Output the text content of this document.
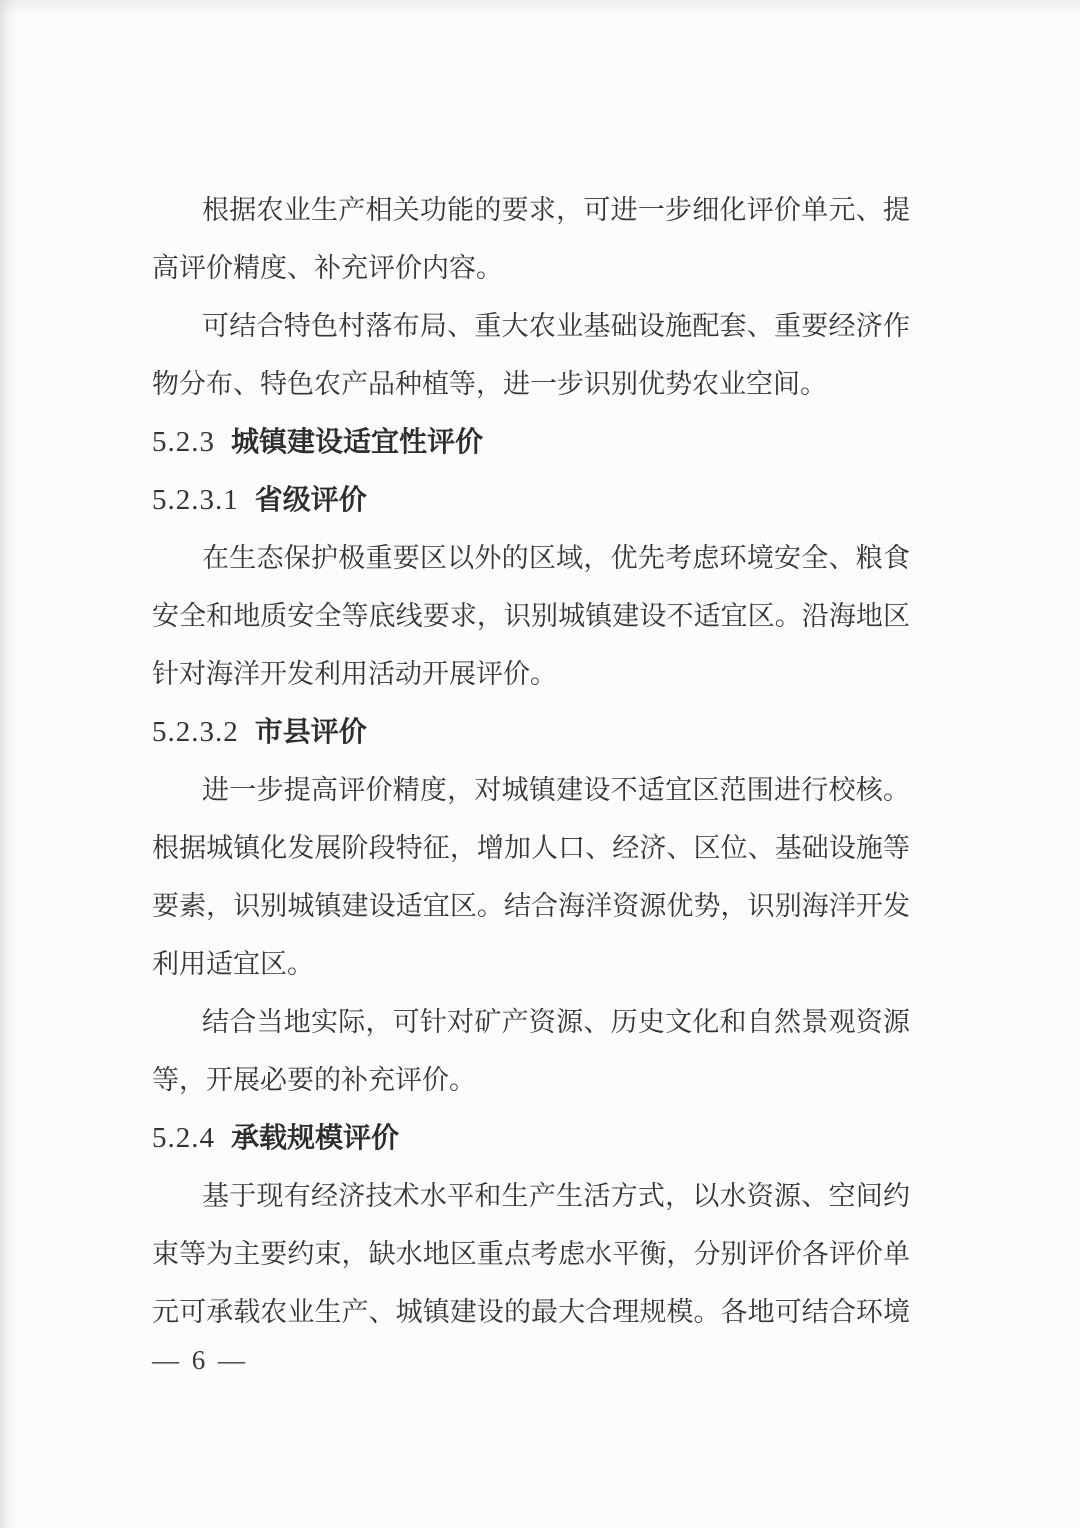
根据农业生产相关功能的要求，可进一步细化评价单元、提
高评价精度、补充评价内容。
可结合特色村落布局、重大农业基础设施配套、重要经济作
物分布、特色农产品种植等，进一步识别优势农业空间。
5.2.3 城镇建设适宜性评价
5.2.3.1 省级评价
在生态保护极重要区以外的区域，优先考虑环境安全、粮食
安全和地质安全等底线要求，识别城镇建设不适宜区。沿海地区
针对海洋开发利用活动开展评价。
5.2.3.2 市县评价
进一步提高评价精度，对城镇建设不适宜区范围进行校核。
根据城镇化发展阶段特征，增加人口、经济、区位、基础设施等
要素，识别城镇建设适宜区。结合海洋资源优势，识别海洋开发
利用适宜区。
结合当地实际，可针对矿产资源、历史文化和自然景观资源
等，开展必要的补充评价。
5.2.4 承载规模评价
基于现有经济技术水平和生产生活方式，以水资源、空间约
束等为主要约束，缺水地区重点考虑水平衡，分别评价各评价单
元可承载农业生产、城镇建设的最大合理规模。各地可结合环境
— 6 —
